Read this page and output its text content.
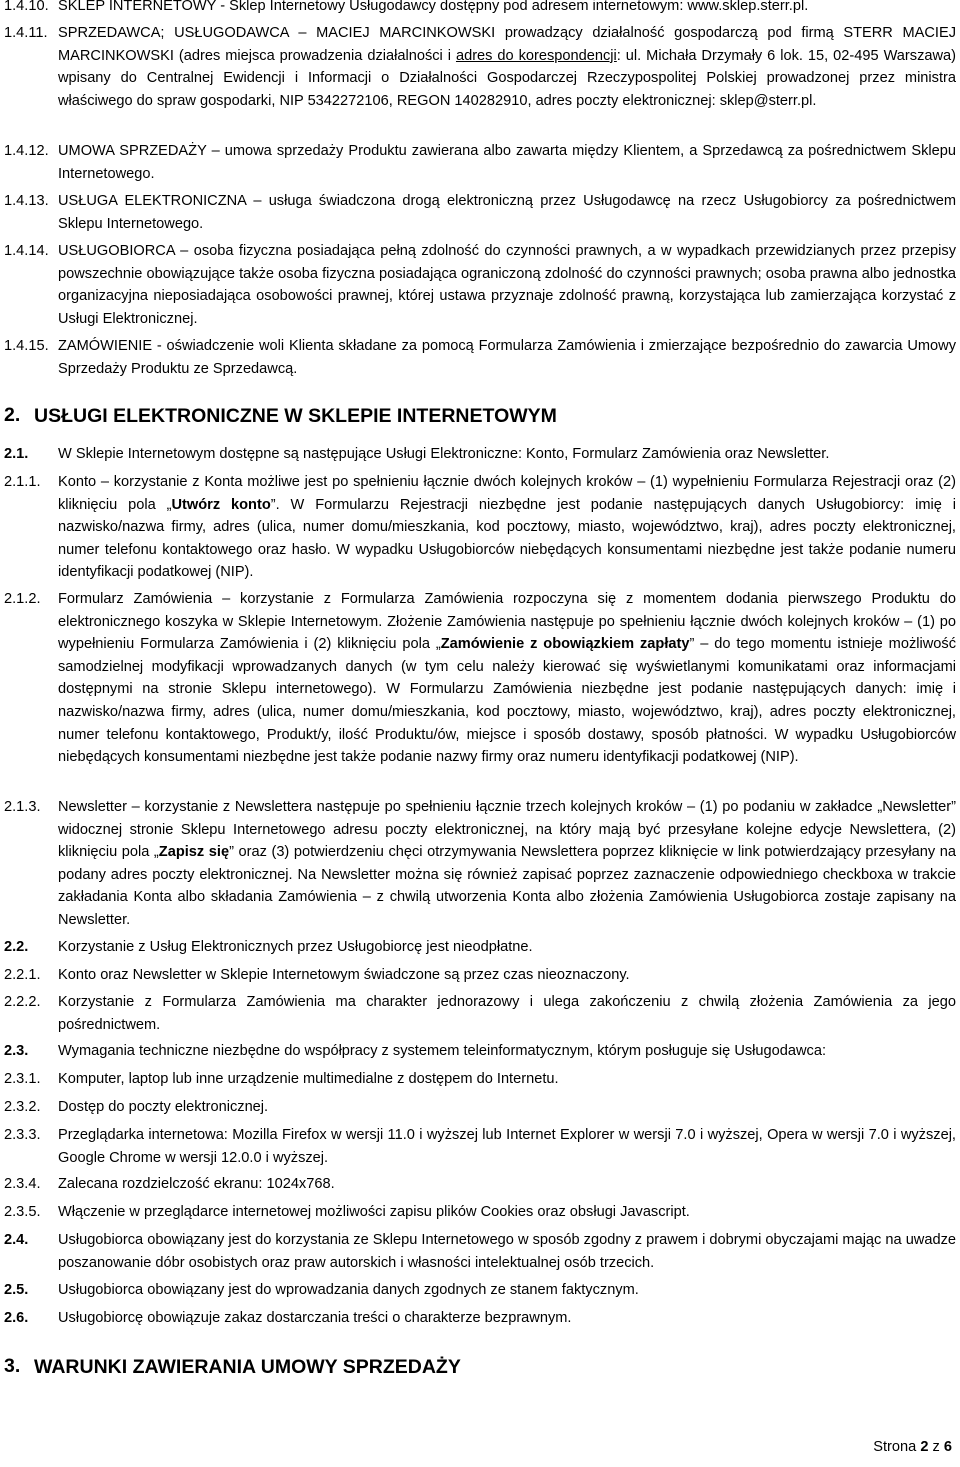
1.4.10. SKLEP INTERNETOWY - Sklep Internetowy Usługodawcy dostępny pod adresem internetowym: www.sklep.sterr.pl.
1.4.11. SPRZEDAWCA; USŁUGODAWCA – MACIEJ MARCINKOWSKI prowadzący działalność gospodarczą pod firmą STERR MACIEJ MARCINKOWSKI (adres miejsca prowadzenia działalności i adres do korespondencji: ul. Michała Drzymały 6 lok. 15, 02-495 Warszawa) wpisany do Centralnej Ewidencji i Informacji o Działalności Gospodarczej Rzeczypospolitej Polskiej prowadzonej przez ministra właściwego do spraw gospodarki, NIP 5342272106, REGON 140282910, adres poczty elektronicznej: sklep@sterr.pl.
1.4.12. UMOWA SPRZEDAŻY – umowa sprzedaży Produktu zawierana albo zawarta między Klientem, a Sprzedawcą za pośrednictwem Sklepu Internetowego.
1.4.13. USŁUGA ELEKTRONICZNA – usługa świadczona drogą elektroniczną przez Usługodawcę na rzecz Usługobiorcy za pośrednictwem Sklepu Internetowego.
1.4.14. USŁUGOBIORCA – osoba fizyczna posiadająca pełną zdolność do czynności prawnych, a w wypadkach przewidzianych przez przepisy powszechnie obowiązujące także osoba fizyczna posiadająca ograniczoną zdolność do czynności prawnych; osoba prawna albo jednostka organizacyjna nieposiadająca osobowości prawnej, której ustawa przyznaje zdolność prawną, korzystająca lub zamierzająca korzystać z Usługi Elektronicznej.
1.4.15. ZAMÓWIENIE - oświadczenie woli Klienta składane za pomocą Formularza Zamówienia i zmierzające bezpośrednio do zawarcia Umowy Sprzedaży Produktu ze Sprzedawcą.
2. USŁUGI ELEKTRONICZNE W SKLEPIE INTERNETOWYM
2.1. W Sklepie Internetowym dostępne są następujące Usługi Elektroniczne: Konto, Formularz Zamówienia oraz Newsletter.
2.1.1. Konto – korzystanie z Konta możliwe jest po spełnieniu łącznie dwóch kolejnych kroków – (1) wypełnieniu Formularza Rejestracji oraz (2) kliknięciu pola „Utwórz konto”. W Formularzu Rejestracji niezbędne jest podanie następujących danych Usługobiorcy: imię i nazwisko/nazwa firmy, adres (ulica, numer domu/mieszkania, kod pocztowy, miasto, województwo, kraj), adres poczty elektronicznej, numer telefonu kontaktowego oraz hasło. W wypadku Usługobiorców niebędących konsumentami niezbędne jest także podanie numeru identyfikacji podatkowej (NIP).
2.1.2. Formularz Zamówienia – korzystanie z Formularza Zamówienia rozpoczyna się z momentem dodania pierwszego Produktu do elektronicznego koszyka w Sklepie Internetowym. Złożenie Zamówienia następuje po spełnieniu łącznie dwóch kolejnych kroków – (1) po wypełnieniu Formularza Zamówienia i (2) kliknięciu pola „Zamówienie z obowiązkiem zapłaty” – do tego momentu istnieje możliwość samodzielnej modyfikacji wprowadzanych danych (w tym celu należy kierować się wyświetlanymi komunikatami oraz informacjami dostępnymi na stronie Sklepu internetowego). W Formularzu Zamówienia niezbędne jest podanie następujących danych: imię i nazwisko/nazwa firmy, adres (ulica, numer domu/mieszkania, kod pocztowy, miasto, województwo, kraj), adres poczty elektronicznej, numer telefonu kontaktowego, Produkt/y, ilość Produktu/ów, miejsce i sposób dostawy, sposób płatności. W wypadku Usługobiorców niebędących konsumentami niezbędne jest także podanie nazwy firmy oraz numeru identyfikacji podatkowej (NIP).
2.1.3. Newsletter – korzystanie z Newslettera następuje po spełnieniu łącznie trzech kolejnych kroków – (1) po podaniu w zakładce „Newsletter” widocznej stronie Sklepu Internetowego adresu poczty elektronicznej, na który mają być przesyłane kolejne edycje Newslettera, (2) kliknięciu pola „Zapisz się” oraz (3) potwierdzeniu chęci otrzymywania Newslettera poprzez kliknięcie w link potwierdzający przesyłany na podany adres poczty elektronicznej. Na Newsletter można się również zapisać poprzez zaznaczenie odpowiedniego checkboxa w trakcie zakładania Konta albo składania Zamówienia – z chwilą utworzenia Konta albo złożenia Zamówienia Usługobiorca zostaje zapisany na Newsletter.
2.2. Korzystanie z Usług Elektronicznych przez Usługobiorcę jest nieodpłatne.
2.2.1. Konto oraz Newsletter w Sklepie Internetowym świadczone są przez czas nieoznaczony.
2.2.2. Korzystanie z Formularza Zamówienia ma charakter jednorazowy i ulega zakończeniu z chwilą złożenia Zamówienia za jego pośrednictwem.
2.3. Wymagania techniczne niezbędne do współpracy z systemem teleinformatycznym, którym posługuje się Usługodawca:
2.3.1. Komputer, laptop lub inne urządzenie multimedialne z dostępem do Internetu.
2.3.2. Dostęp do poczty elektronicznej.
2.3.3. Przeglądarka internetowa: Mozilla Firefox w wersji 11.0 i wyższej lub Internet Explorer w wersji 7.0 i wyższej, Opera w wersji 7.0 i wyższej, Google Chrome w wersji 12.0.0 i wyższej.
2.3.4. Zalecana rozdzielczość ekranu: 1024x768.
2.3.5. Włączenie w przeglądarce internetowej możliwości zapisu plików Cookies oraz obsługi Javascript.
2.4. Usługobiorca obowiązany jest do korzystania ze Sklepu Internetowego w sposób zgodny z prawem i dobrymi obyczajami mając na uwadze poszanowanie dóbr osobistych oraz praw autorskich i własności intelektualnej osób trzecich.
2.5. Usługobiorca obowiązany jest do wprowadzania danych zgodnych ze stanem faktycznym.
2.6. Usługobiorcę obowiązuje zakaz dostarczania treści o charakterze bezprawnym.
3. WARUNKI ZAWIERANIA UMOWY SPRZEDAŻY
Strona 2 z 6
